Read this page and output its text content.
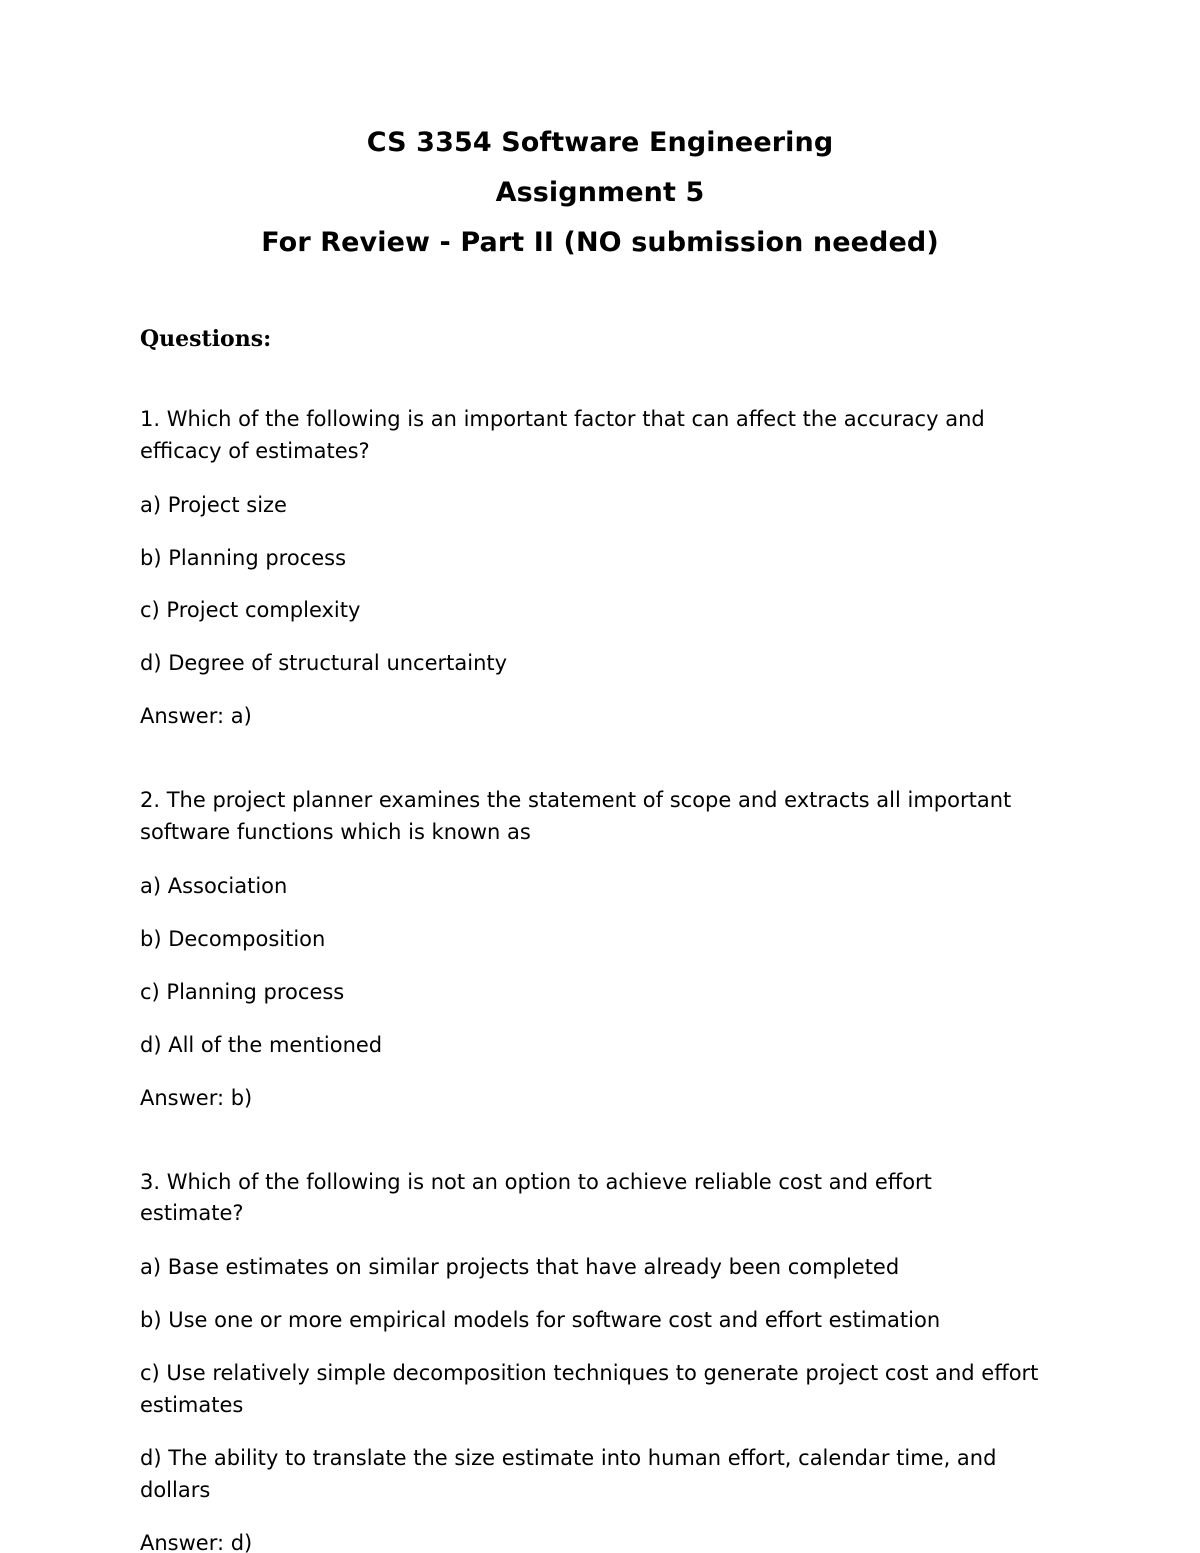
CS 3354 Software Engineering
Assignment 5
For Review - Part II (NO submission needed)
Questions:

1. Which of the following is an important factor that can affect the accuracy and efficacy of estimates?

a) Project size

b) Planning process

c) Project complexity

d) Degree of structural uncertainty

Answer: a)

2. The project planner examines the statement of scope and extracts all important software functions which is known as

a) Association

b) Decomposition

c) Planning process

d) All of the mentioned

Answer: b)

3. Which of the following is not an option to achieve reliable cost and effort estimate?

a) Base estimates on similar projects that have already been completed

b) Use one or more empirical models for software cost and effort estimation

c) Use relatively simple decomposition techniques to generate project cost and effort estimates

d) The ability to translate the size estimate into human effort, calendar time, and dollars

Answer: d)
